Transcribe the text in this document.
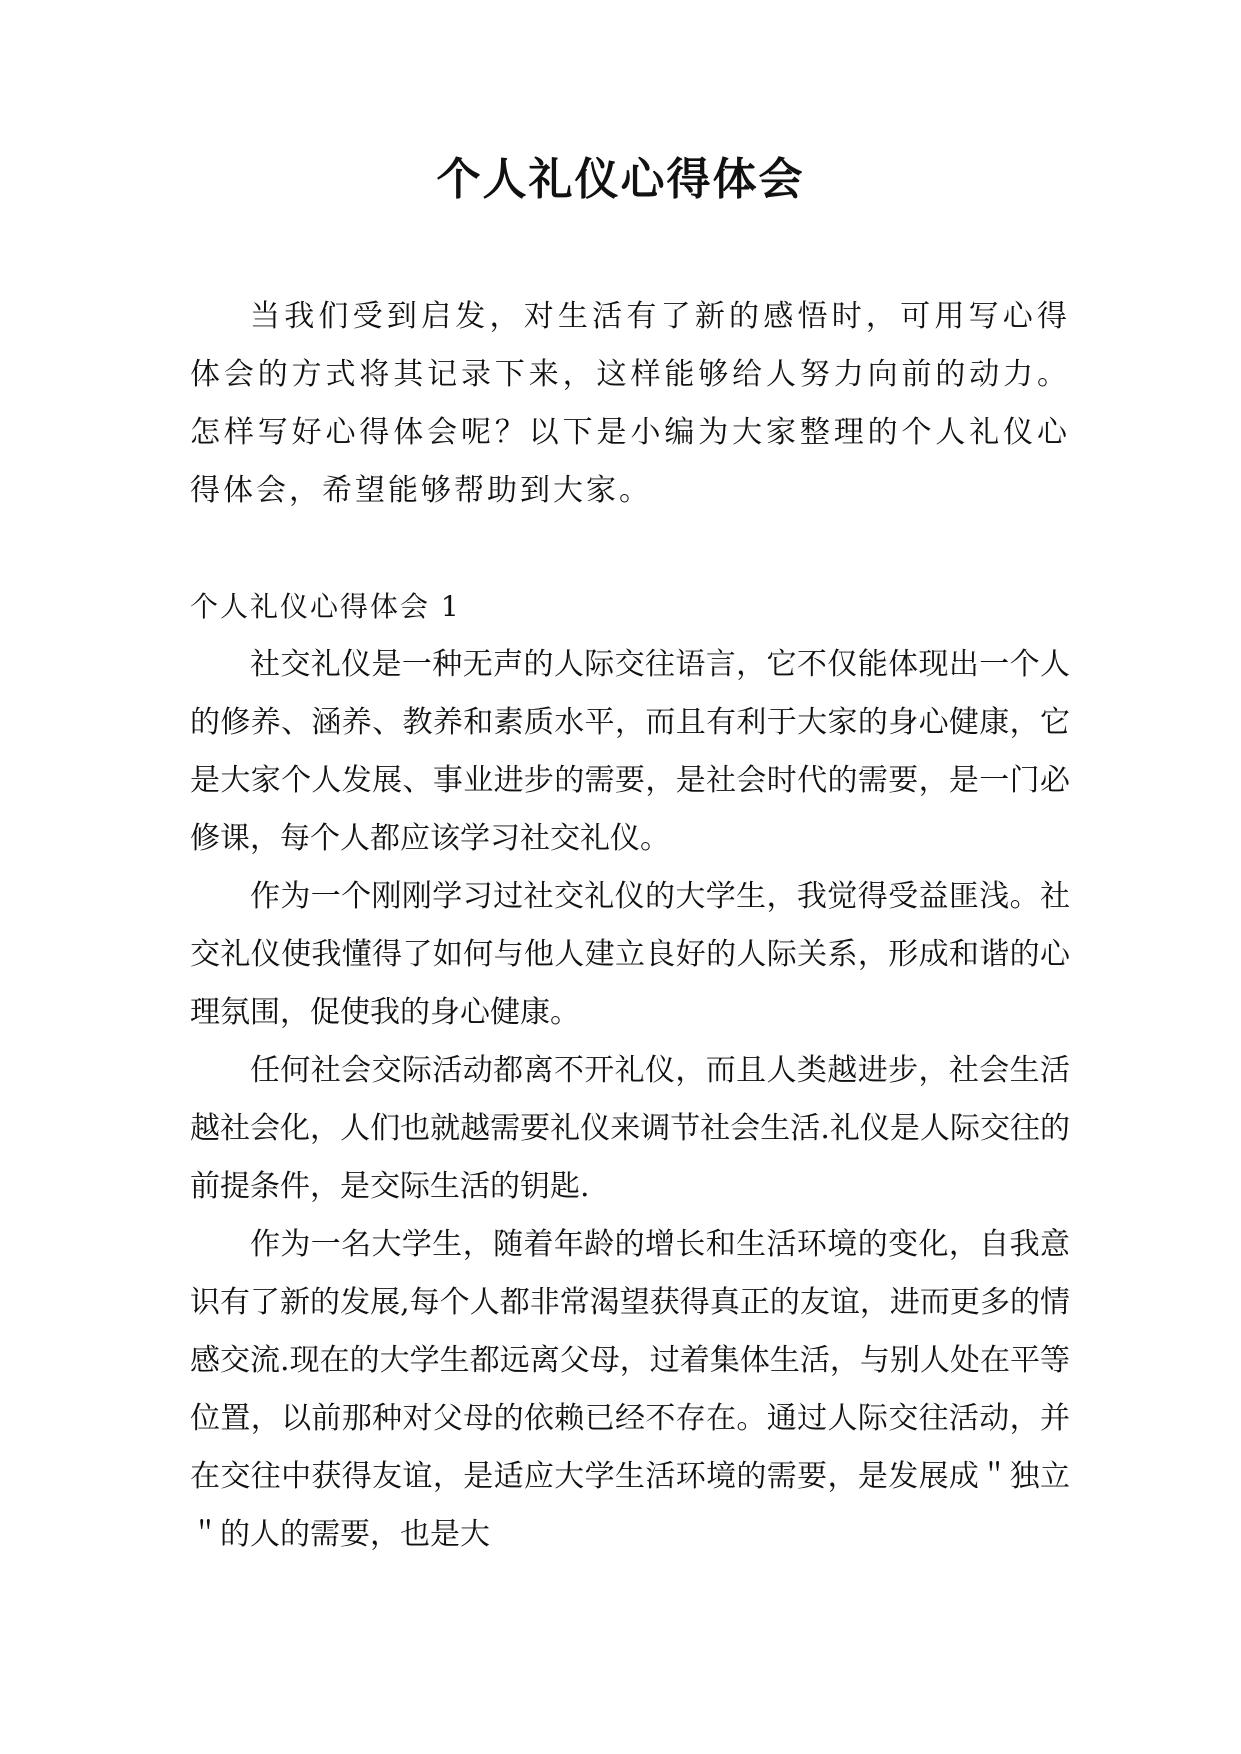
个人礼仪心得体会

当我们受到启发，对生活有了新的感悟时，可用写心得体会的方式将其记录下来，这样能够给人努力向前的动力。怎样写好心得体会呢？以下是小编为大家整理的个人礼仪心得体会，希望能够帮助到大家。

个人礼仪心得体会 1

社交礼仪是一种无声的人际交往语言，它不仅能体现出一个人的修养、涵养、教养和素质水平，而且有利于大家的身心健康，它是大家个人发展、事业进步的需要，是社会时代的需要，是一门必修课，每个人都应该学习社交礼仪。

作为一个刚刚学习过社交礼仪的大学生，我觉得受益匪浅。社交礼仪使我懂得了如何与他人建立良好的人际关系，形成和谐的心理氛围，促使我的身心健康。

任何社会交际活动都离不开礼仪，而且人类越进步，社会生活越社会化，人们也就越需要礼仪来调节社会生活.礼仪是人际交往的前提条件，是交际生活的钥匙.

作为一名大学生，随着年龄的增长和生活环境的变化，自我意识有了新的发展,每个人都非常渴望获得真正的友谊，进而更多的情感交流.现在的大学生都远离父母，过着集体生活，与别人处在平等位置，以前那种对父母的依赖已经不存在。通过人际交往活动，并在交往中获得友谊，是适应大学生活环境的需要，是发展成＂独立＂的人的需要，也是大
